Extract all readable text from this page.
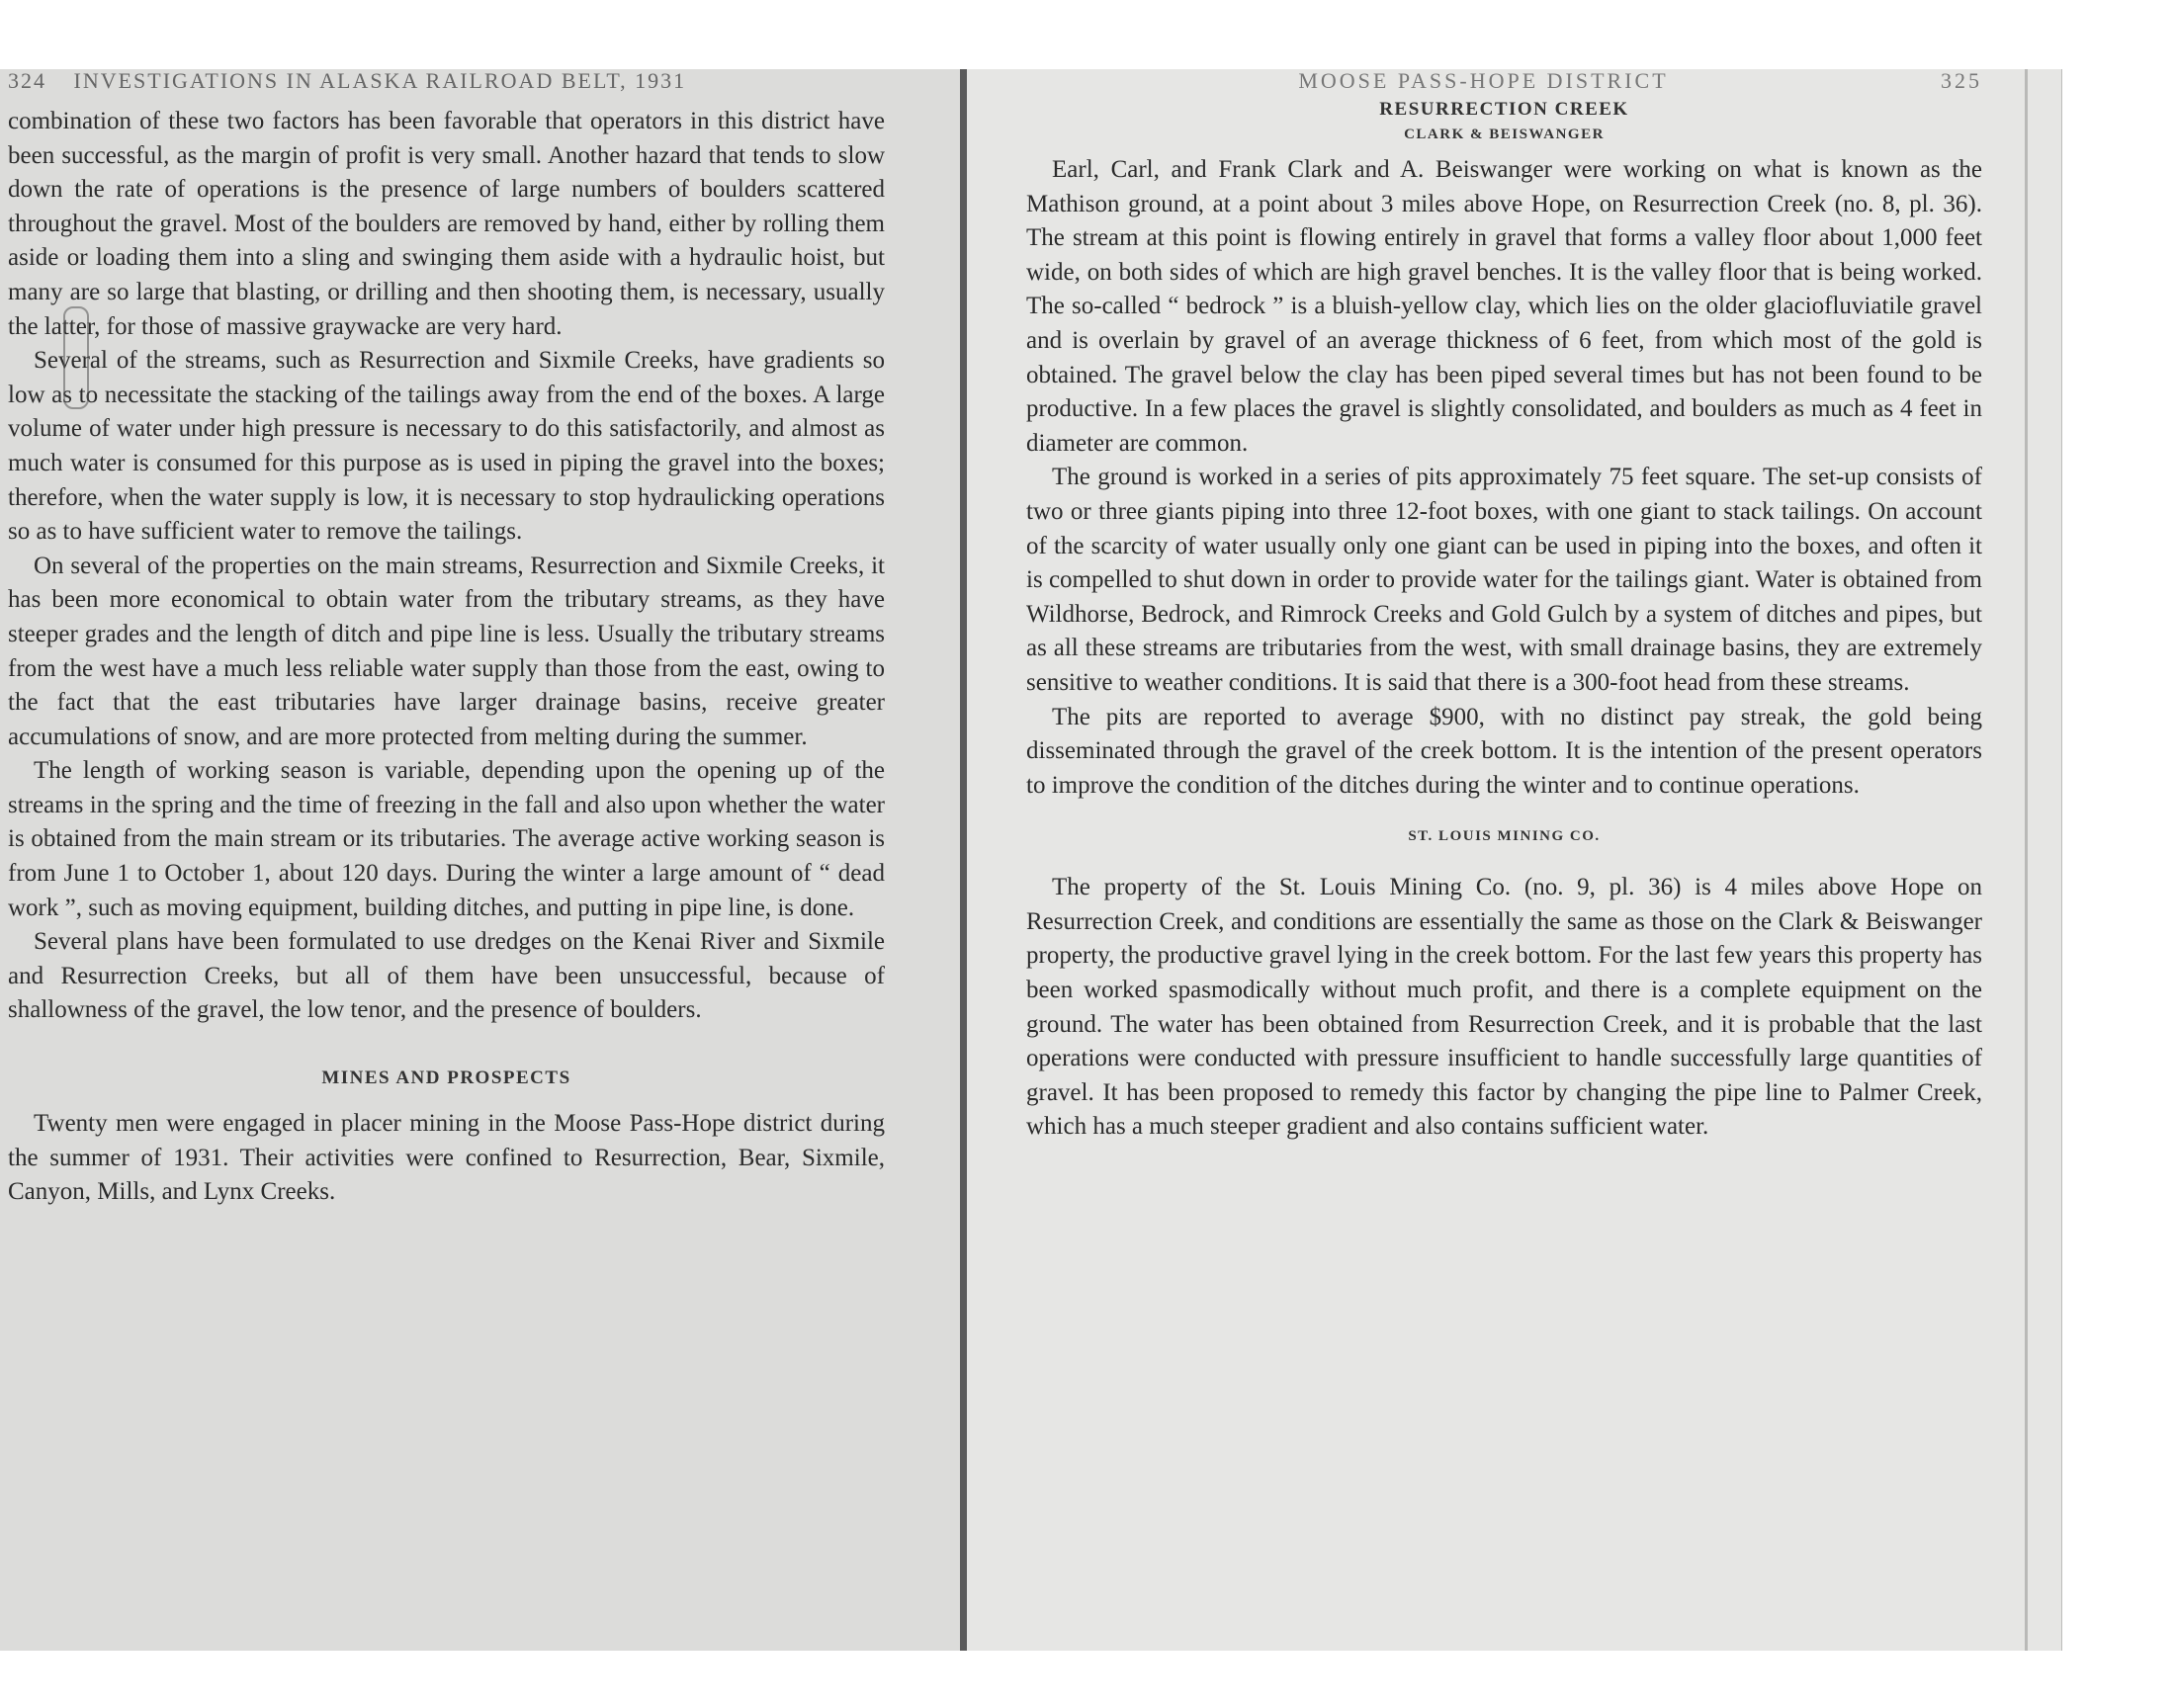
324 INVESTIGATIONS IN ALASKA RAILROAD BELT, 1931

combination of these two factors has been favorable that operators in this district have been successful, as the margin of profit is very small. Another hazard that tends to slow down the rate of operations is the presence of large numbers of boulders scattered throughout the gravel. Most of the boulders are removed by hand, either by rolling them aside or loading them into a sling and swinging them aside with a hydraulic hoist, but many are so large that blasting, or drilling and then shooting them, is necessary, usually the latter, for those of massive graywacke are very hard.

Several of the streams, such as Resurrection and Sixmile Creeks, have gradients so low as to necessitate the stacking of the tailings away from the end of the boxes. A large volume of water under high pressure is necessary to do this satisfactorily, and almost as much water is consumed for this purpose as is used in piping the gravel into the boxes; therefore, when the water supply is low, it is necessary to stop hydraulicking operations so as to have sufficient water to remove the tailings.

On several of the properties on the main streams, Resurrection and Sixmile Creeks, it has been more economical to obtain water from the tributary streams, as they have steeper grades and the length of ditch and pipe line is less. Usually the tributary streams from the west have a much less reliable water supply than those from the east, owing to the fact that the east tributaries have larger drainage basins, receive greater accumulations of snow, and are more protected from melting during the summer.

The length of working season is variable, depending upon the opening up of the streams in the spring and the time of freezing in the fall and also upon whether the water is obtained from the main stream or its tributaries. The average active working season is from June 1 to October 1, about 120 days. During the winter a large amount of “ dead work ”, such as moving equipment, building ditches, and putting in pipe line, is done.

Several plans have been formulated to use dredges on the Kenai River and Sixmile and Resurrection Creeks, but all of them have been unsuccessful, because of shallowness of the gravel, the low tenor, and the presence of boulders.

MINES AND PROSPECTS

Twenty men were engaged in placer mining in the Moose Pass-Hope district during the summer of 1931. Their activities were confined to Resurrection, Bear, Sixmile, Canyon, Mills, and Lynx Creeks.

MOOSE PASS-HOPE DISTRICT	325
RESURRECTION CREEK
CLARK & BEISWANGER

Earl, Carl, and Frank Clark and A. Beiswanger were working on what is known as the Mathison ground, at a point about 3 miles above Hope, on Resurrection Creek (no. 8, pl. 36). The stream at this point is flowing entirely in gravel that forms a valley floor about 1,000 feet wide, on both sides of which are high gravel benches. It is the valley floor that is being worked. The so-called “ bedrock ” is a bluish-yellow clay, which lies on the older glaciofluviatile gravel and is overlain by gravel of an average thickness of 6 feet, from which most of the gold is obtained. The gravel below the clay has been piped several times but has not been found to be productive. In a few places the gravel is slightly consolidated, and boulders as much as 4 feet in diameter are common.

The ground is worked in a series of pits approximately 75 feet square. The set-up consists of two or three giants piping into three 12-foot boxes, with one giant to stack tailings. On account of the scarcity of water usually only one giant can be used in piping into the boxes, and often it is compelled to shut down in order to provide water for the tailings giant. Water is obtained from Wildhorse, Bedrock, and Rimrock Creeks and Gold Gulch by a system of ditches and pipes, but as all these streams are tributaries from the west, with small drainage basins, they are extremely sensitive to weather conditions. It is said that there is a 300-foot head from these streams.

The pits are reported to average $900, with no distinct pay streak, the gold being disseminated through the gravel of the creek bottom. It is the intention of the present operators to improve the condition of the ditches during the winter and to continue operations.

ST. LOUIS MINING CO.

The property of the St. Louis Mining Co. (no. 9, pl. 36) is 4 miles above Hope on Resurrection Creek, and conditions are essentially the same as those on the Clark & Beiswanger property, the productive gravel lying in the creek bottom. For the last few years this property has been worked spasmodically without much profit, and there is a complete equipment on the ground. The water has been obtained from Resurrection Creek, and it is probable that the last operations were conducted with pressure insufficient to handle successfully large quantities of gravel. It has been proposed to remedy this factor by changing the pipe line to Palmer Creek, which has a much steeper gradient and also contains sufficient water.
